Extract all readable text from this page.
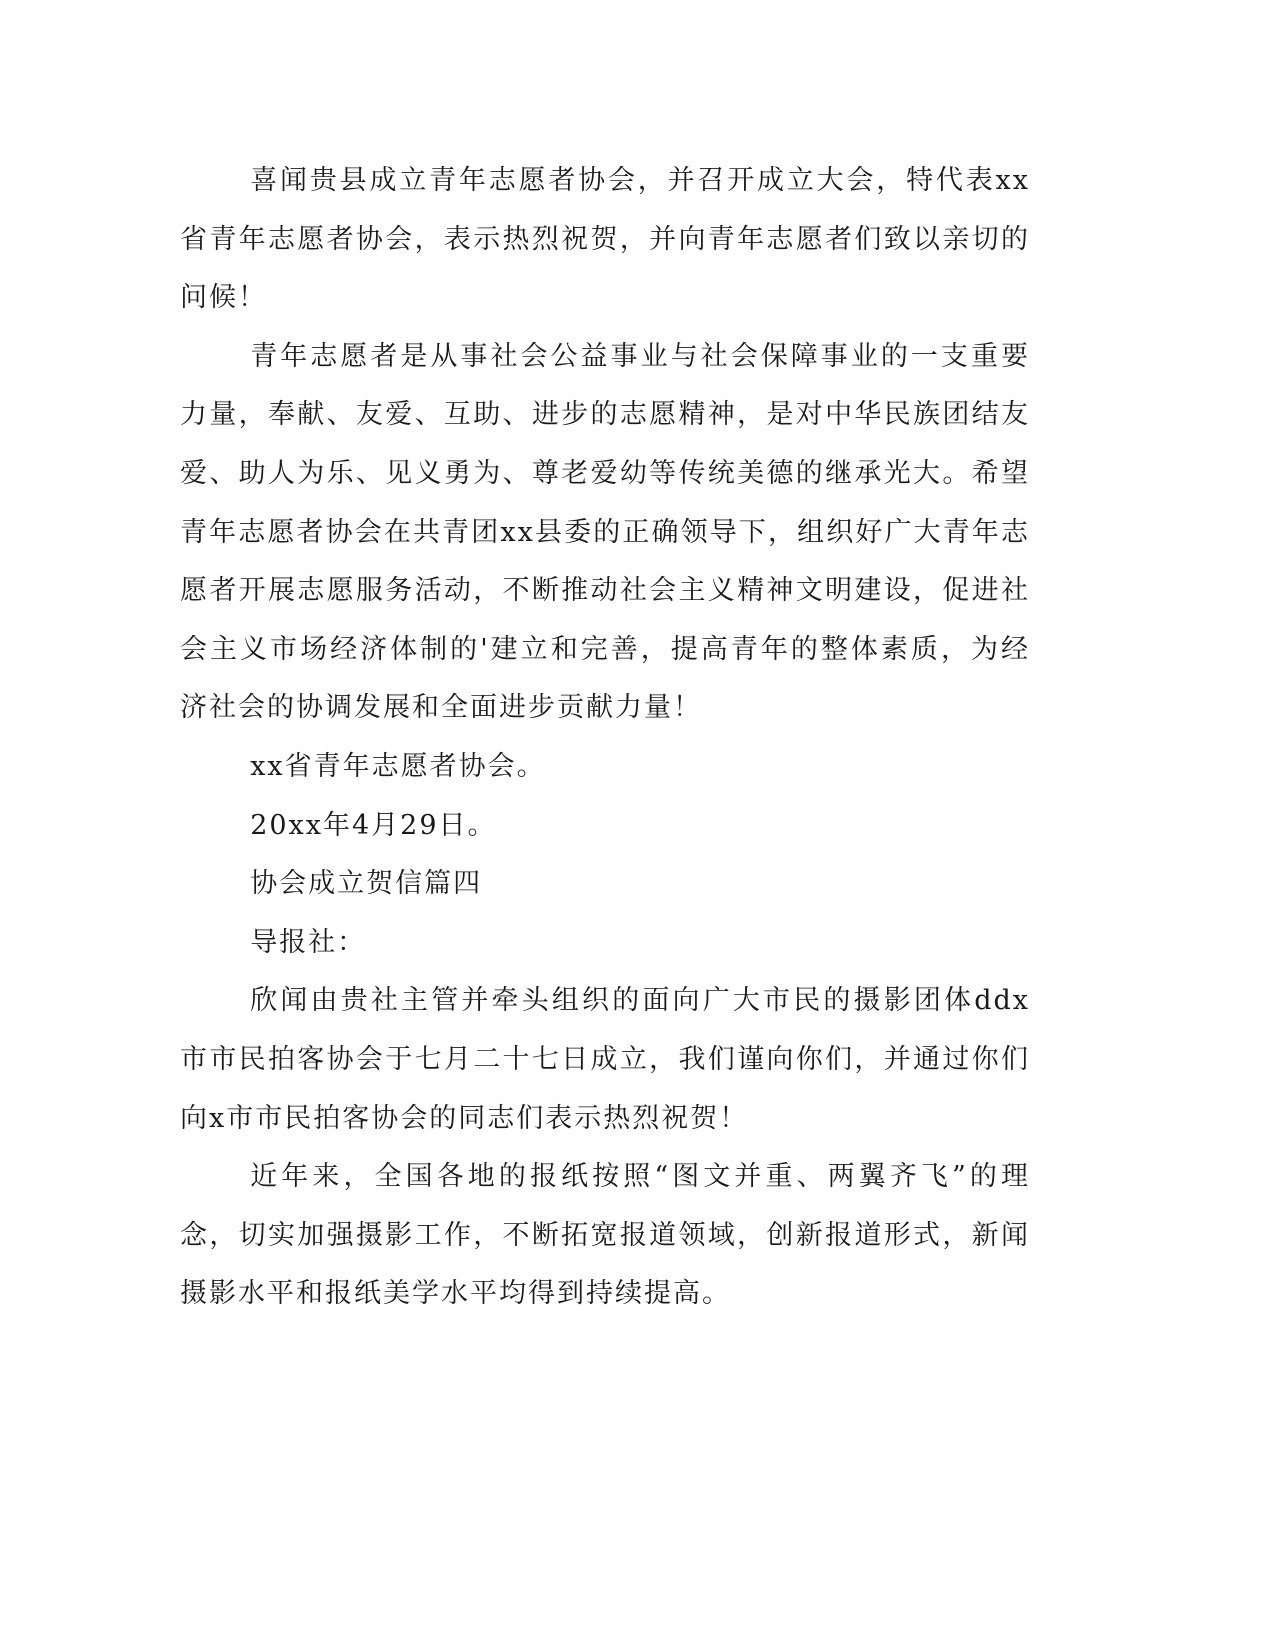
喜闻贵县成立青年志愿者协会，并召开成立大会，特代表xx省青年志愿者协会，表示热烈祝贺，并向青年志愿者们致以亲切的问候！

青年志愿者是从事社会公益事业与社会保障事业的一支重要力量，奉献、友爱、互助、进步的志愿精神，是对中华民族团结友爱、助人为乐、见义勇为、尊老爱幼等传统美德的继承光大。希望青年志愿者协会在共青团xx县委的正确领导下，组织好广大青年志愿者开展志愿服务活动，不断推动社会主义精神文明建设，促进社会主义市场经济体制的'建立和完善，提高青年的整体素质，为经济社会的协调发展和全面进步贡献力量！

xx省青年志愿者协会。

20xx年4月29日。

协会成立贺信篇四

导报社：

欣闻由贵社主管并牵头组织的面向广大市民的摄影团体ddx市市民拍客协会于七月二十七日成立，我们谨向你们，并通过你们向x市市民拍客协会的同志们表示热烈祝贺！

近年来，全国各地的报纸按照“图文并重、两翼齐飞”的理念，切实加强摄影工作，不断拓宽报道领域，创新报道形式，新闻摄影水平和报纸美学水平均得到持续提高。
